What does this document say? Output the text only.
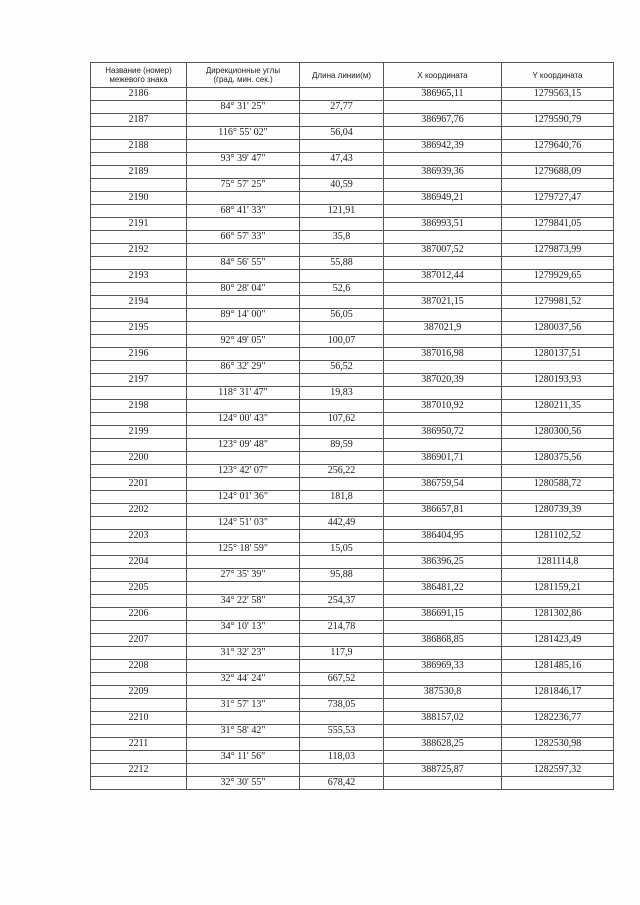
Название (номер)
межевого знака	Дирекционные углы
(град. мин. сек.)	Длина линии(м)	X координата	Y координата

2186			386965,11	1279563,15
	84° 31' 25"	27,77		
2187			386967,76	1279590,79
	116° 55' 02"	56,04		
2188			386942,39	1279640,76
	93° 39' 47"	47,43		
2189			386939,36	1279688,09
	75° 57' 25"	40,59		
2190			386949,21	1279727,47
	68° 41' 33"	121,91		
2191			386993,51	1279841,05
	66° 57' 33"	35,8		
2192			387007,52	1279873,99
	84° 56' 55"	55,88		
2193			387012,44	1279929,65
	80° 28' 04"	52,6		
2194			387021,15	1279981,52
	89° 14' 00"	56,05		
2195			387021,9	1280037,56
	92° 49' 05"	100,07		
2196			387016,98	1280137,51
	86° 32' 29"	56,52		
2197			387020,39	1280193,93
	118° 31' 47"	19,83		
2198			387010,92	1280211,35
	124° 00' 43"	107,62		
2199			386950,72	1280300,56
	123° 09' 48"	89,59		
2200			386901,71	1280375,56
	123° 42' 07"	256,22		
2201			386759,54	1280588,72
	124° 01' 36"	181,8		
2202			386657,81	1280739,39
	124° 51' 03"	442,49		
2203			386404,95	1281102,52
	125° 18' 59"	15,05		
2204			386396,25	1281114,8
	27° 35' 39"	95,88		
2205			386481,22	1281159,21
	34° 22' 58"	254,37		
2206			386691,15	1281302,86
	34° 10' 13"	214,78		
2207			386868,85	1281423,49
	31° 32' 23"	117,9		
2208			386969,33	1281485,16
	32° 44' 24"	667,52		
2209			387530,8	1281846,17
	31° 57' 13"	738,05		
2210			388157,02	1282236,77
	31° 58' 42"	555,53		
2211			388628,25	1282530,98
	34° 11' 56"	118,03		
2212			388725,87	1282597,32
	32° 30' 55"	678,42		
